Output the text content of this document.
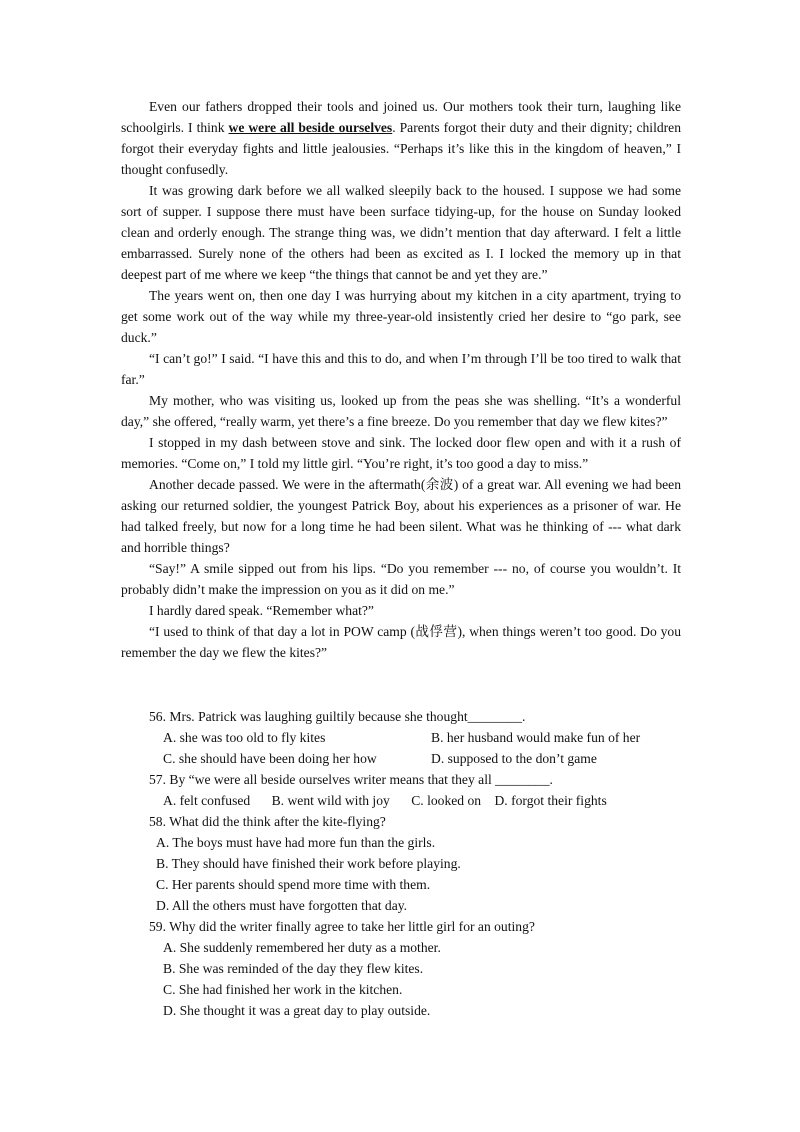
Even our fathers dropped their tools and joined us. Our mothers took their turn, laughing like schoolgirls. I think we were all beside ourselves. Parents forgot their duty and their dignity; children forgot their everyday fights and little jealousies. “Perhaps it’s like this in the kingdom of heaven,” I thought confusedly.

It was growing dark before we all walked sleepily back to the housed. I suppose we had some sort of supper. I suppose there must have been surface tidying-up, for the house on Sunday looked clean and orderly enough. The strange thing was, we didn’t mention that day afterward. I felt a little embarrassed. Surely none of the others had been as excited as I. I locked the memory up in that deepest part of me where we keep “the things that cannot be and yet they are.”

The years went on, then one day I was hurrying about my kitchen in a city apartment, trying to get some work out of the way while my three-year-old insistently cried her desire to “go park, see duck.”

“I can’t go!” I said. “I have this and this to do, and when I’m through I’ll be too tired to walk that far.”

My mother, who was visiting us, looked up from the peas she was shelling. “It’s a wonderful day,” she offered, “really warm, yet there’s a fine breeze. Do you remember that day we flew kites?”

I stopped in my dash between stove and sink. The locked door flew open and with it a rush of memories. “Come on,” I told my little girl. “You’re right, it’s too good a day to miss.”

Another decade passed. We were in the aftermath(余波) of a great war. All evening we had been asking our returned soldier, the youngest Patrick Boy, about his experiences as a prisoner of war. He had talked freely, but now for a long time he had been silent. What was he thinking of --- what dark and horrible things?

“Say!” A smile sipped out from his lips. “Do you remember --- no, of course you wouldn’t. It probably didn’t make the impression on you as it did on me.”

I hardly dared speak. “Remember what?”

“I used to think of that day a lot in POW camp (战俘营), when things weren’t too good. Do you remember the day we flew the kites?”

56. Mrs. Patrick was laughing guiltily because she thought________.

A. she was too old to fly kites	B. her husband would make fun of her
C. she should have been doing her how	D. supposed to the don’t game

57. By “we were all beside ourselves writer means that they all ________.

A. felt confused B. went wild with joy C. looked on D. forgot their fights

58. What did the think after the kite-flying?

A. The boys must have had more fun than the girls.

B. They should have finished their work before playing.

C. Her parents should spend more time with them.

D. All the others must have forgotten that day.

59. Why did the writer finally agree to take her little girl for an outing?

A. She suddenly remembered her duty as a mother.

B. She was reminded of the day they flew kites.

C. She had finished her work in the kitchen.

D. She thought it was a great day to play outside.
